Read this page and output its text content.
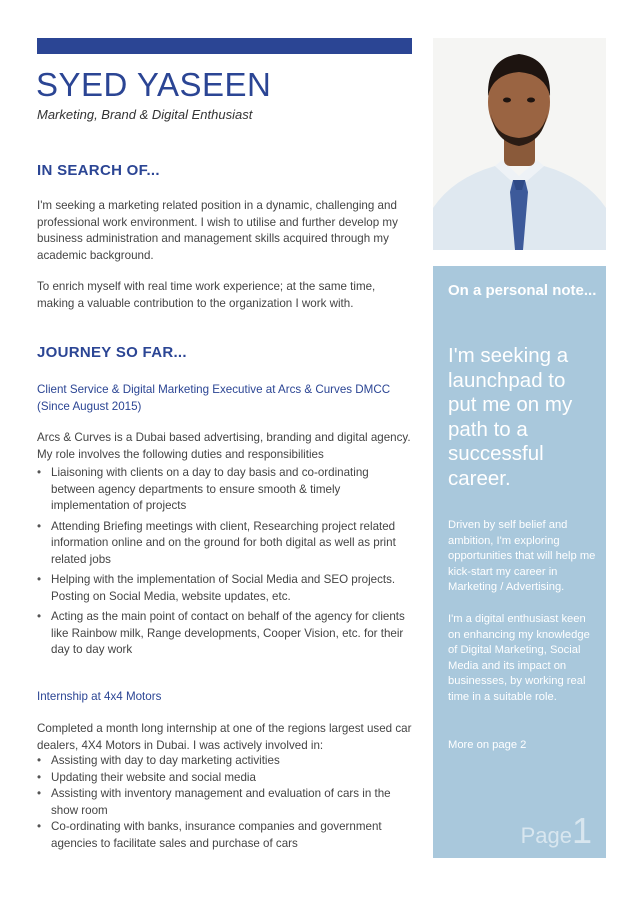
SYED YASEEN
Marketing, Brand & Digital Enthusiast
IN SEARCH OF...
I'm seeking a marketing related position in a dynamic, challenging and professional work environment. I wish to utilise and further develop my business administration and management skills acquired through my academic background.
To enrich myself with real time work experience; at the same time, making a valuable contribution to the organization I work with.
JOURNEY SO FAR...
Client Service & Digital Marketing Executive at Arcs & Curves DMCC (Since August 2015)
Arcs & Curves is a Dubai based advertising, branding and digital agency. My role involves the following duties and responsibilities
• Liaisoning with clients on a day to day basis and co-ordinating between agency departments to ensure smooth & timely implementation of projects
• Attending Briefing meetings with client, Researching project related information online and on the ground for both digital as well as print related jobs
• Helping with the implementation of Social Media and SEO projects. Posting on Social Media, website updates, etc.
• Acting as the main point of contact on behalf of the agency for clients like Rainbow milk, Range developments, Cooper Vision, etc. for their day to day work
Internship at 4x4 Motors
Completed a month long internship at one of the regions largest used car dealers, 4X4 Motors in Dubai. I was actively involved in:
• Assisting with day to day marketing activities
• Updating their website and social media
• Assisting with inventory management and evaluation of cars in the show room
• Co-ordinating with banks, insurance companies and government agencies to facilitate sales and purchase of cars
On a personal note...
I'm seeking a launchpad to put me on my path to a successful career.
Driven by self belief and ambition, I'm exploring opportunities that will help me kick-start my career in Marketing / Advertising.
I'm a digital enthusiast keen on enhancing my knowledge of Digital Marketing, Social Media and its impact on businesses, by working real time in a suitable role.
More on page 2
Page1
